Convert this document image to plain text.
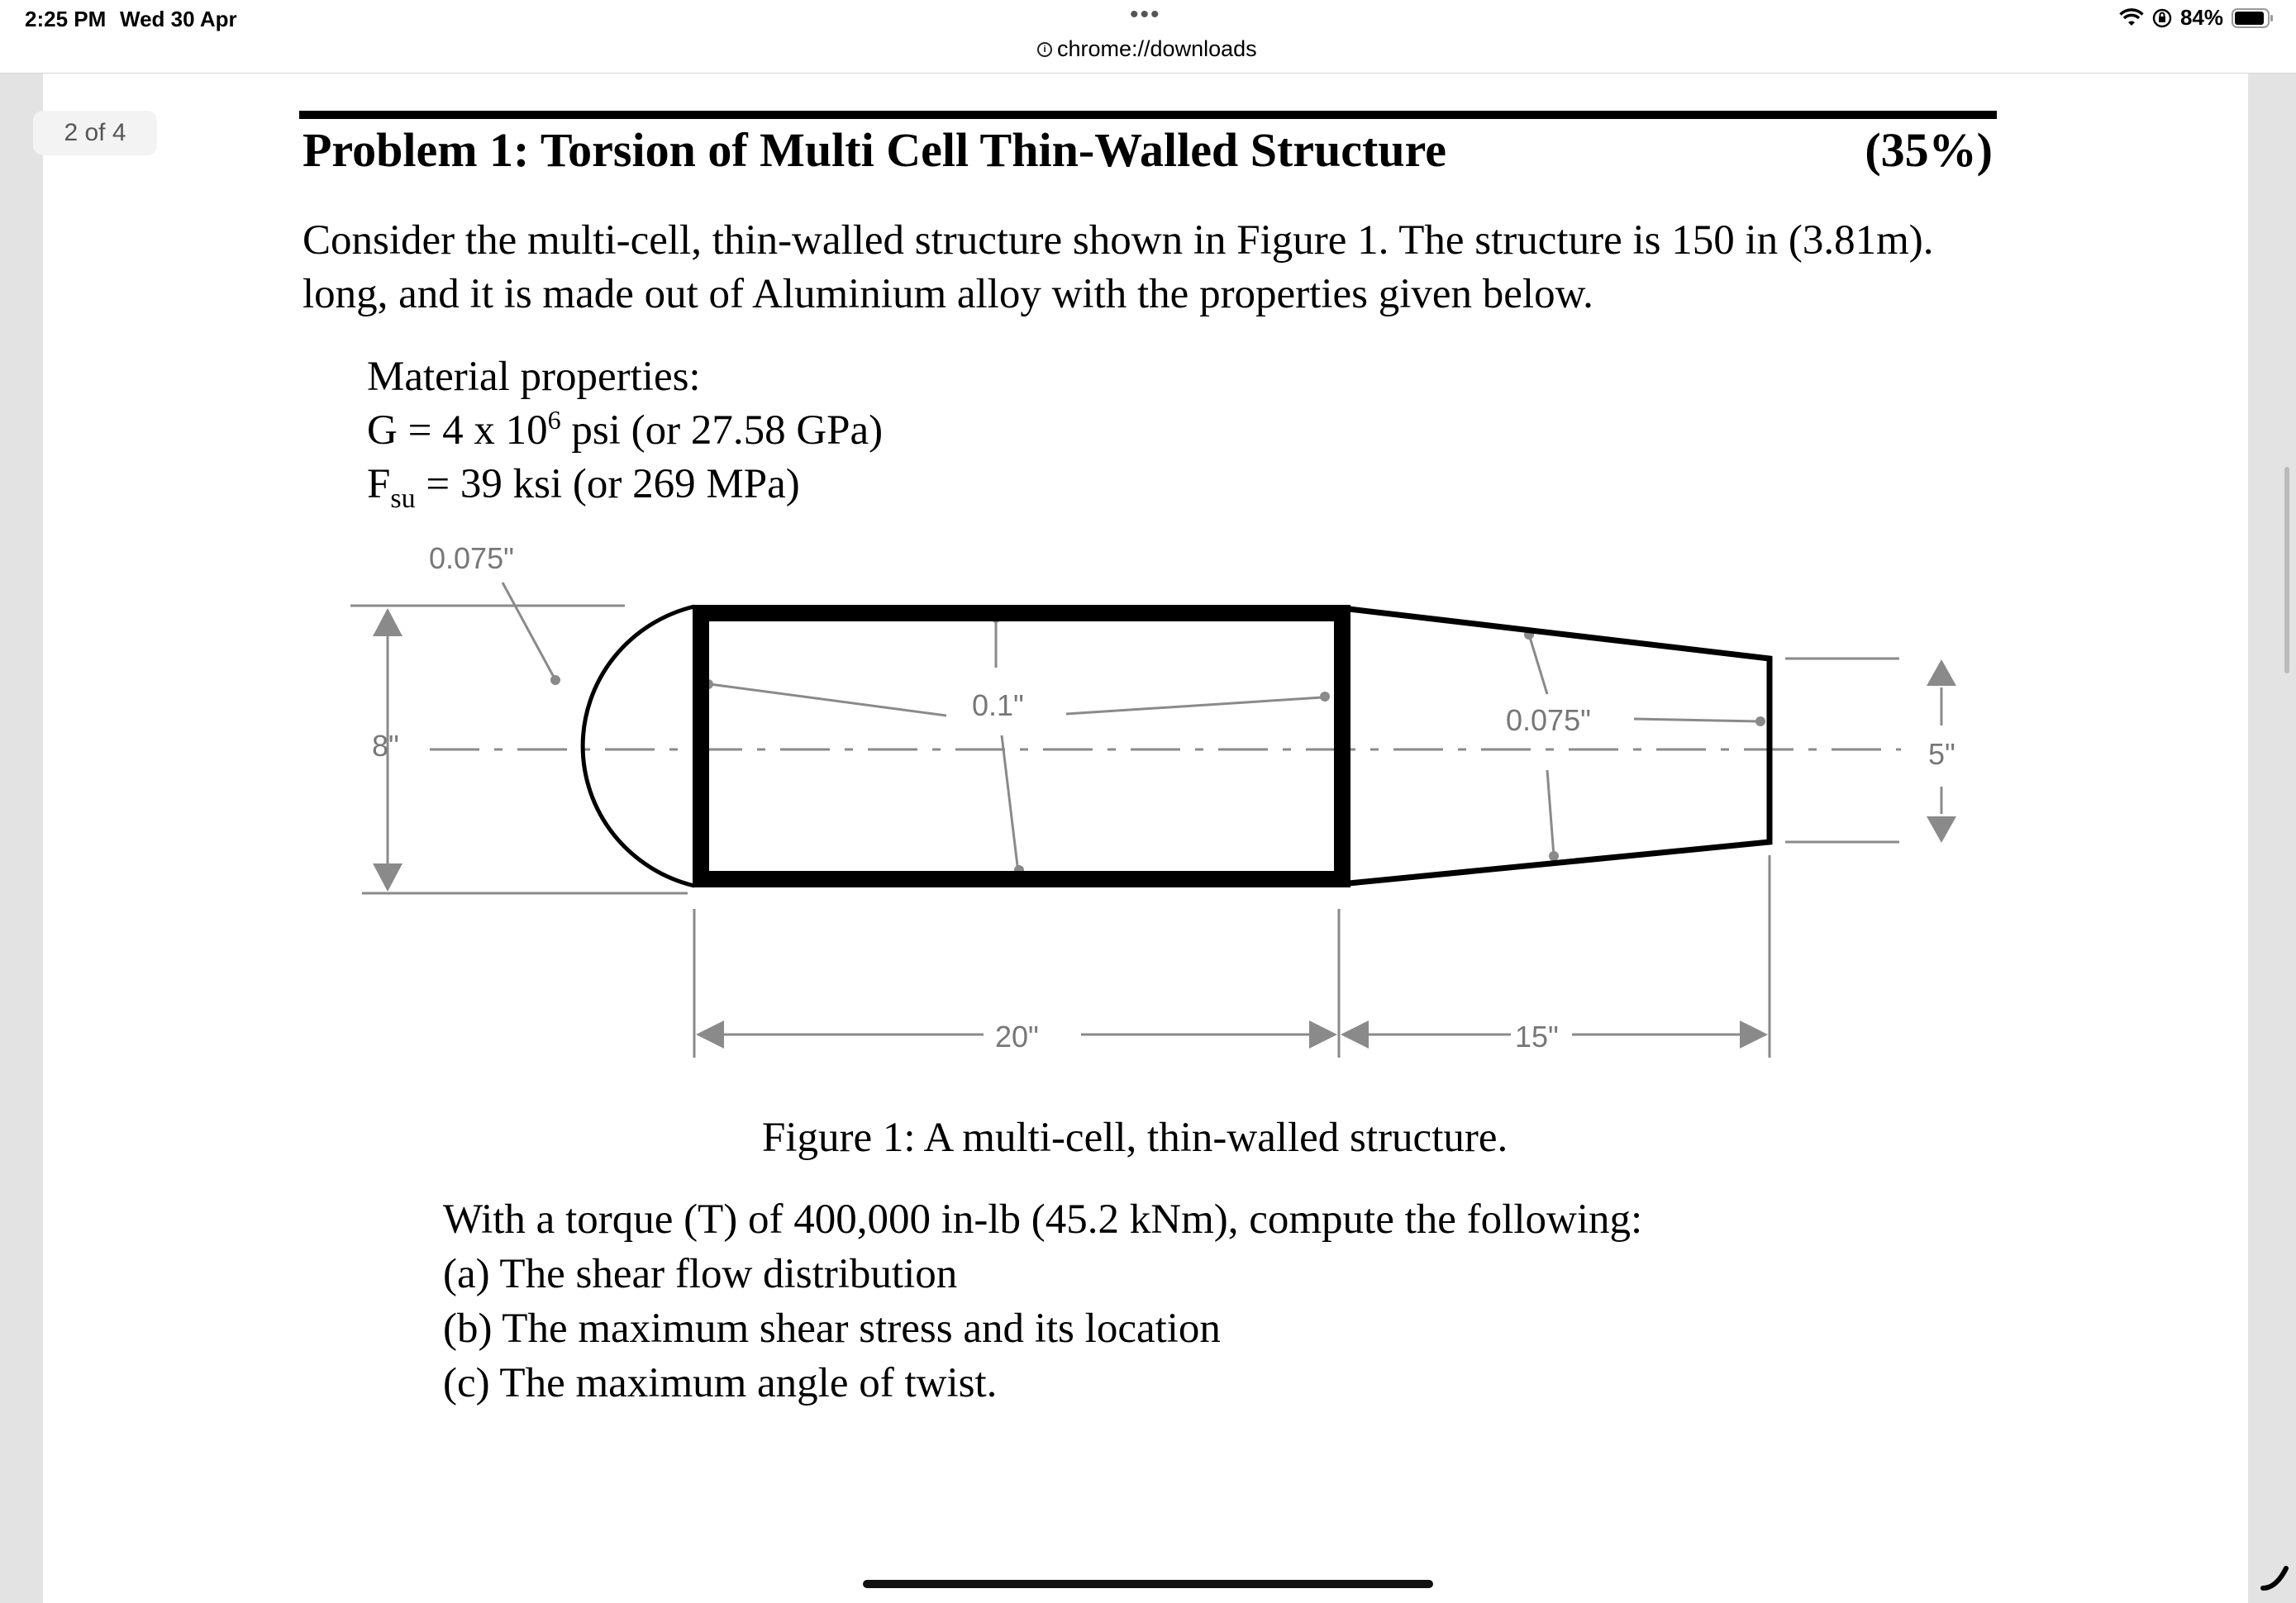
2:25 PM Wed 30 Apr	•••
i chrome://downloads
84%
2 of 4	Problem 1: Torsion of Multi Cell Thin-Walled Structure	(35%)
Consider the multi-cell, thin-walled structure shown in Figure 1. The structure is 150 in (3.81m).
long, and it is made out of Aluminium alloy with the properties given below.
Material properties:
G = 4 x $10^6$ psi (or 27.58 GPa)
$F_{su} = 39$ ksi (or 269 MPa)
0.075"
0.1"	0.075"
8"	5"
20"	15"
Figure 1: A multi-cell, thin-walled structure.
With a torque (T) of 400,000 in-lb (45.2 kNm), compute the following:
(a) The shear flow distribution
(b) The maximum shear stress and its location
(c) The maximum angle of twist.
